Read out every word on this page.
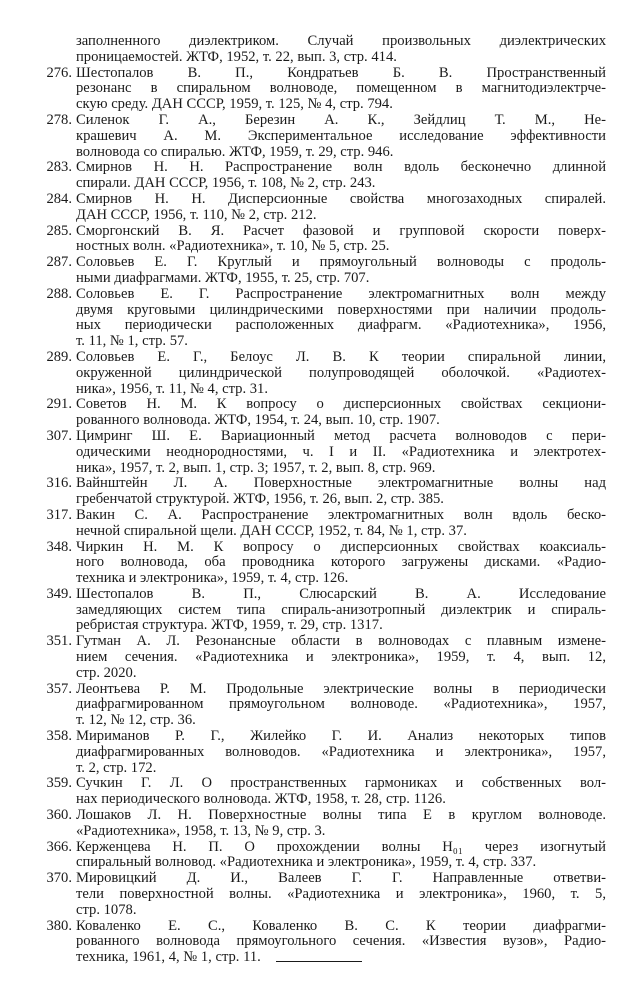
заполненного диэлектриком. Случай произвольных диэлектрических
проницаемостей. ЖТФ, 1952, т. 22, вып. 3, стр. 414.
276. Шестопалов В. П., Кондратьев Б. В. Пространственный
резонанс в спиральном волноводе, помещенном в магнитодиэлектрче-
скую среду. ДАН СССР, 1959, т. 125, № 4, стр. 794.
278. Силенок Г. А., Березин А. К., Зейдлиц Т. М., Не-
крашевич А. М. Экспериментальное исследование эффективности
волновода со спиралью. ЖТФ, 1959, т. 29, стр. 946.
283. Смирнов Н. Н. Распространение волн вдоль бесконечно длинной
спирали. ДАН СССР, 1956, т. 108, № 2, стр. 243.
284. Смирнов Н. Н. Дисперсионные свойства многозаходных спиралей.
ДАН СССР, 1956, т. 110, № 2, стр. 212.
285. Сморгонский В. Я. Расчет фазовой и групповой скорости поверх-
ностных волн. «Радиотехника», т. 10, № 5, стр. 25.
287. Соловьев Е. Г. Круглый и прямоугольный волноводы с продоль-
ными диафрагмами. ЖТФ, 1955, т. 25, стр. 707.
288. Соловьев Е. Г. Распространение электромагнитных волн между
двумя круговыми цилиндрическими поверхностями при наличии продоль-
ных периодически расположенных диафрагм. «Радиотехника», 1956,
т. 11, № 1, стр. 57.
289. Соловьев Е. Г., Белоус Л. В. К теории спиральной линии,
окруженной цилиндрической полупроводящей оболочкой. «Радиотех-
ника», 1956, т. 11, № 4, стр. 31.
291. Советов Н. М. К вопросу о дисперсионных свойствах секциони-
рованного волновода. ЖТФ, 1954, т. 24, вып. 10, стр. 1907.
307. Цимринг Ш. Е. Вариационный метод расчета волноводов с пери-
одическими неоднородностями, ч. I и II. «Радиотехника и электротех-
ника», 1957, т. 2, вып. 1, стр. 3; 1957, т. 2, вып. 8, стр. 969.
316. Вайнштейн Л. А. Поверхностные электромагнитные волны над
гребенчатой структурой. ЖТФ, 1956, т. 26, вып. 2, стр. 385.
317. Вакин С. А. Распространение электромагнитных волн вдоль беско-
нечной спиральной щели. ДАН СССР, 1952, т. 84, № 1, стр. 37.
348. Чиркин Н. М. К вопросу о дисперсионных свойствах коаксиаль-
ного волновода, оба проводника которого загружены дисками. «Радио-
техника и электроника», 1959, т. 4, стр. 126.
349. Шестопалов В. П., Слюсарский В. А. Исследование
замедляющих систем типа спираль-анизотропный диэлектрик и спираль-
ребристая структура. ЖТФ, 1959, т. 29, стр. 1317.
351. Гутман А. Л. Резонансные области в волноводах с плавным измене-
нием сечения. «Радиотехника и электроника», 1959, т. 4, вып. 12,
стр. 2020.
357. Леонтьева Р. М. Продольные электрические волны в периодически
диафрагмированном прямоугольном волноводе. «Радиотехника», 1957,
т. 12, № 12, стр. 36.
358. Мириманов Р. Г., Жилейко Г. И. Анализ некоторых типов
диафрагмированных волноводов. «Радиотехника и электроника», 1957,
т. 2, стр. 172.
359. Сучкин Г. Л. О пространственных гармониках и собственных вол-
нах периодического волновода. ЖТФ, 1958, т. 28, стр. 1126.
360. Лошаков Л. Н. Поверхностные волны типа E в круглом волноводе.
«Радиотехника», 1958, т. 13, № 9, стр. 3.
366. Керженцева Н. П. О прохождении волны H₀₁ через изогнутый
спиральный волновод. «Радиотехника и электроника», 1959, т. 4, стр. 337.
370. Мировицкий Д. И., Валеев Г. Г. Направленные ответви-
тели поверхностной волны. «Радиотехника и электроника», 1960, т. 5,
стр. 1078.
380. Коваленко Е. С., Коваленко В. С. К теории диафрагми-
рованного волновода прямоугольного сечения. «Известия вузов», Радио-
техника, 1961, 4, № 1, стр. 11.
